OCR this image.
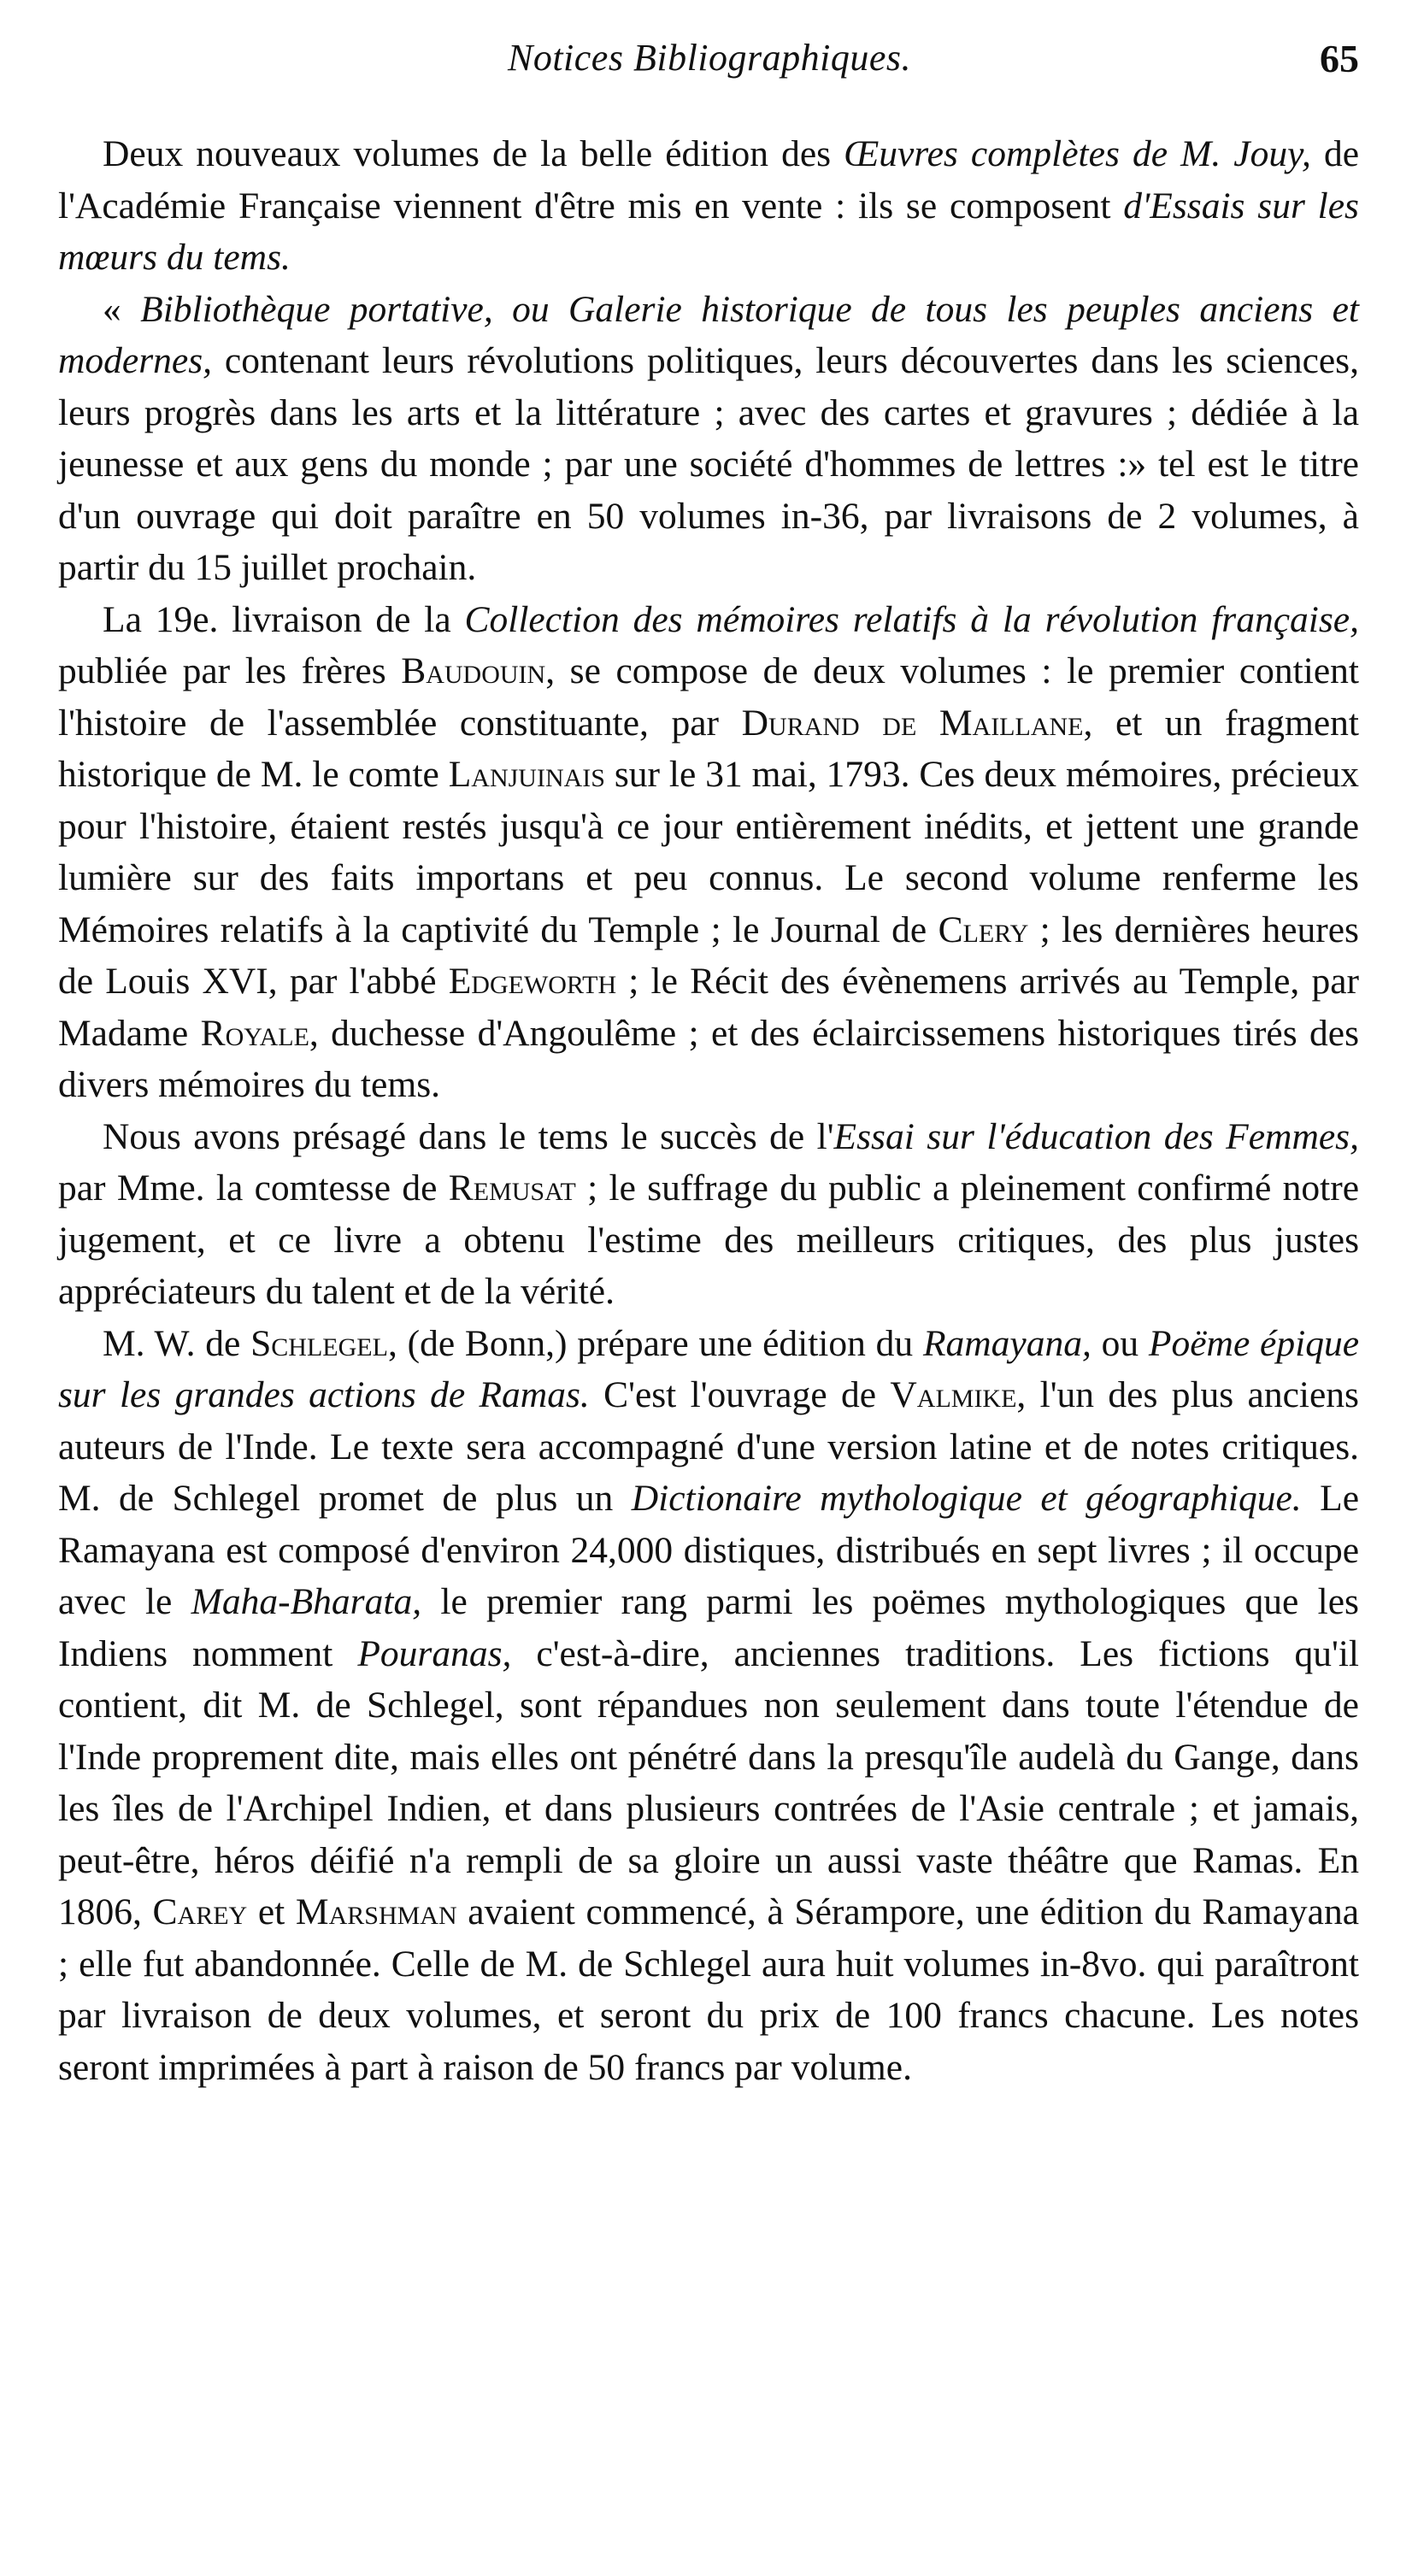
Notices Bibliographiques.	65

Deux nouveaux volumes de la belle édition des Œuvres complètes de M. Jouy, de l'Académie Française viennent d'être mis en vente : ils se composent d'Essais sur les mœurs du tems.

« Bibliothèque portative, ou Galerie historique de tous les peuples anciens et modernes, contenant leurs révolutions politiques, leurs découvertes dans les sciences, leurs progrès dans les arts et la littérature ; avec des cartes et gravures ; dédiée à la jeunesse et aux gens du monde ; par une société d'hommes de lettres :» tel est le titre d'un ouvrage qui doit paraître en 50 volumes in-36, par livraisons de 2 volumes, à partir du 15 juillet prochain.

La 19e. livraison de la Collection des mémoires relatifs à la révolution française, publiée par les frères Baudouin, se compose de deux volumes : le premier contient l'histoire de l'assemblée constituante, par Durand de Maillane, et un fragment historique de M. le comte Lanjuinais sur le 31 mai, 1793. Ces deux mémoires, précieux pour l'histoire, étaient restés jusqu'à ce jour entièrement inédits, et jettent une grande lumière sur des faits importans et peu connus. Le second volume renferme les Mémoires relatifs à la captivité du Temple ; le Journal de Clery ; les dernières heures de Louis XVI, par l'abbé Edgeworth ; le Récit des évènemens arrivés au Temple, par Madame Royale, duchesse d'Angoulême ; et des éclaircissemens historiques tirés des divers mémoires du tems.

Nous avons présagé dans le tems le succès de l'Essai sur l'éducation des Femmes, par Mme. la comtesse de Remusat ; le suffrage du public a pleinement confirmé notre jugement, et ce livre a obtenu l'estime des meilleurs critiques, des plus justes appréciateurs du talent et de la vérité.

M. W. de Schlegel, (de Bonn,) prépare une édition du Ramayana, ou Poëme épique sur les grandes actions de Ramas. C'est l'ouvrage de Valmike, l'un des plus anciens auteurs de l'Inde. Le texte sera accompagné d'une version latine et de notes critiques. M. de Schlegel promet de plus un Dictionaire mythologique et géographique. Le Ramayana est composé d'environ 24,000 distiques, distribués en sept livres ; il occupe avec le Maha-Bharata, le premier rang parmi les poëmes mythologiques que les Indiens nomment Pouranas, c'est-à-dire, anciennes traditions. Les fictions qu'il contient, dit M. de Schlegel, sont répandues non seulement dans toute l'étendue de l'Inde proprement dite, mais elles ont pénétré dans la presqu'île audelà du Gange, dans les îles de l'Archipel Indien, et dans plusieurs contrées de l'Asie centrale ; et jamais, peut-être, héros déifié n'a rempli de sa gloire un aussi vaste théâtre que Ramas. En 1806, Carey et Marshman avaient commencé, à Sérampore, une édition du Ramayana ; elle fut abandonnée. Celle de M. de Schlegel aura huit volumes in-8vo. qui paraîtront par livraison de deux volumes, et seront du prix de 100 francs chacune. Les notes seront imprimées à part à raison de 50 francs par volume.
